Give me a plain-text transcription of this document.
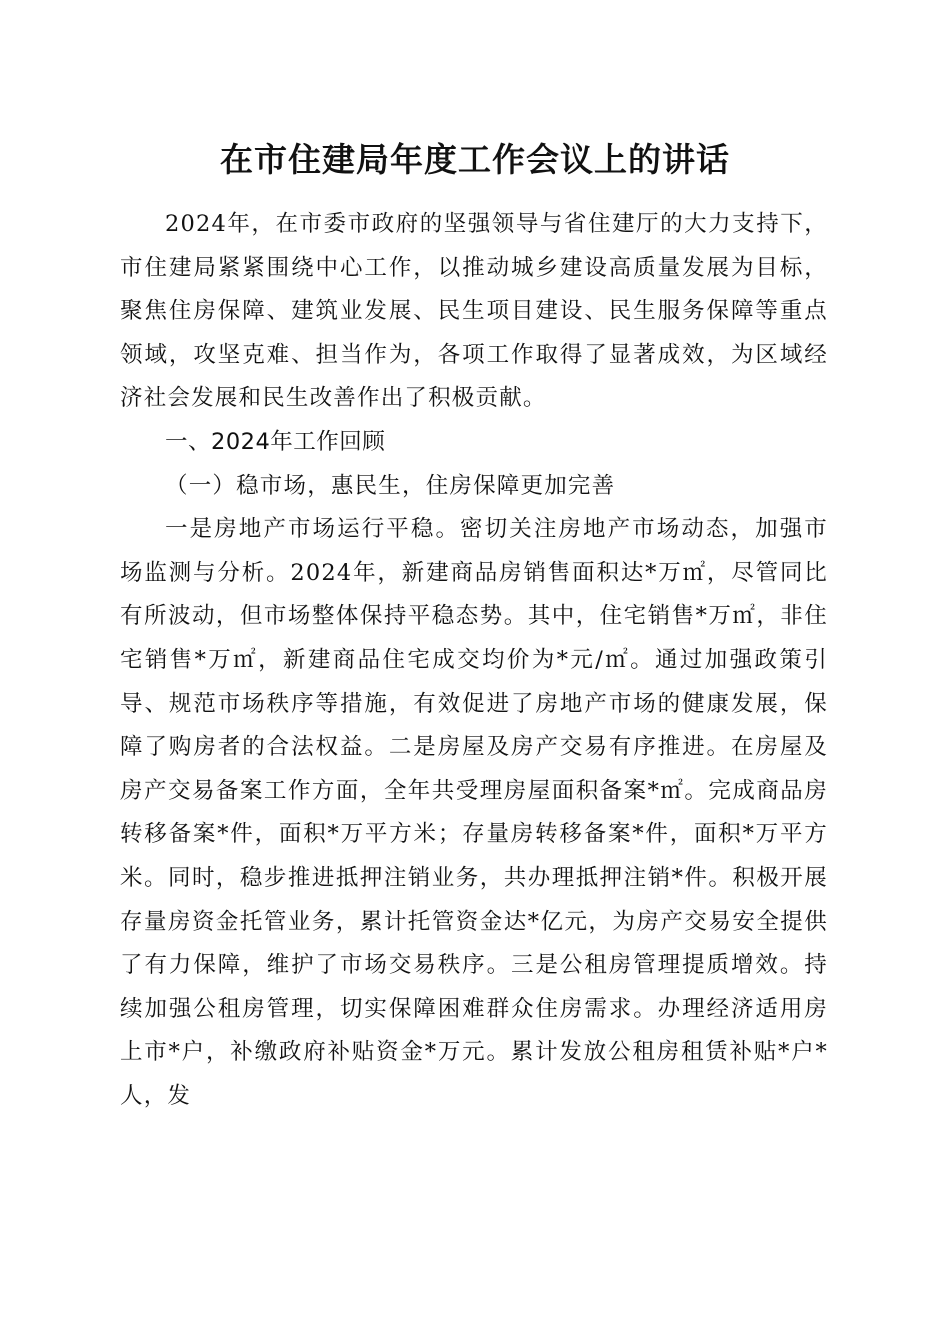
在市住建局年度工作会议上的讲话

2024年，在市委市政府的坚强领导与省住建厅的大力支持下，市住建局紧紧围绕中心工作，以推动城乡建设高质量发展为目标，聚焦住房保障、建筑业发展、民生项目建设、民生服务保障等重点领域，攻坚克难、担当作为，各项工作取得了显著成效，为区域经济社会发展和民生改善作出了积极贡献。

一、2024年工作回顾

（一）稳市场，惠民生，住房保障更加完善

一是房地产市场运行平稳。密切关注房地产市场动态，加强市场监测与分析。2024年，新建商品房销售面积达*万㎡，尽管同比有所波动，但市场整体保持平稳态势。其中，住宅销售*万㎡，非住宅销售*万㎡，新建商品住宅成交均价为*元/㎡。通过加强政策引导、规范市场秩序等措施，有效促进了房地产市场的健康发展，保障了购房者的合法权益。二是房屋及房产交易有序推进。在房屋及房产交易备案工作方面，全年共受理房屋面积备案*㎡。完成商品房转移备案*件，面积*万平方米；存量房转移备案*件，面积*万平方米。同时，稳步推进抵押注销业务，共办理抵押注销*件。积极开展存量房资金托管业务，累计托管资金达*亿元，为房产交易安全提供了有力保障，维护了市场交易秩序。三是公租房管理提质增效。持续加强公租房管理，切实保障困难群众住房需求。办理经济适用房上市*户，补缴政府补贴资金*万元。累计发放公租房租赁补贴*户*人，发
